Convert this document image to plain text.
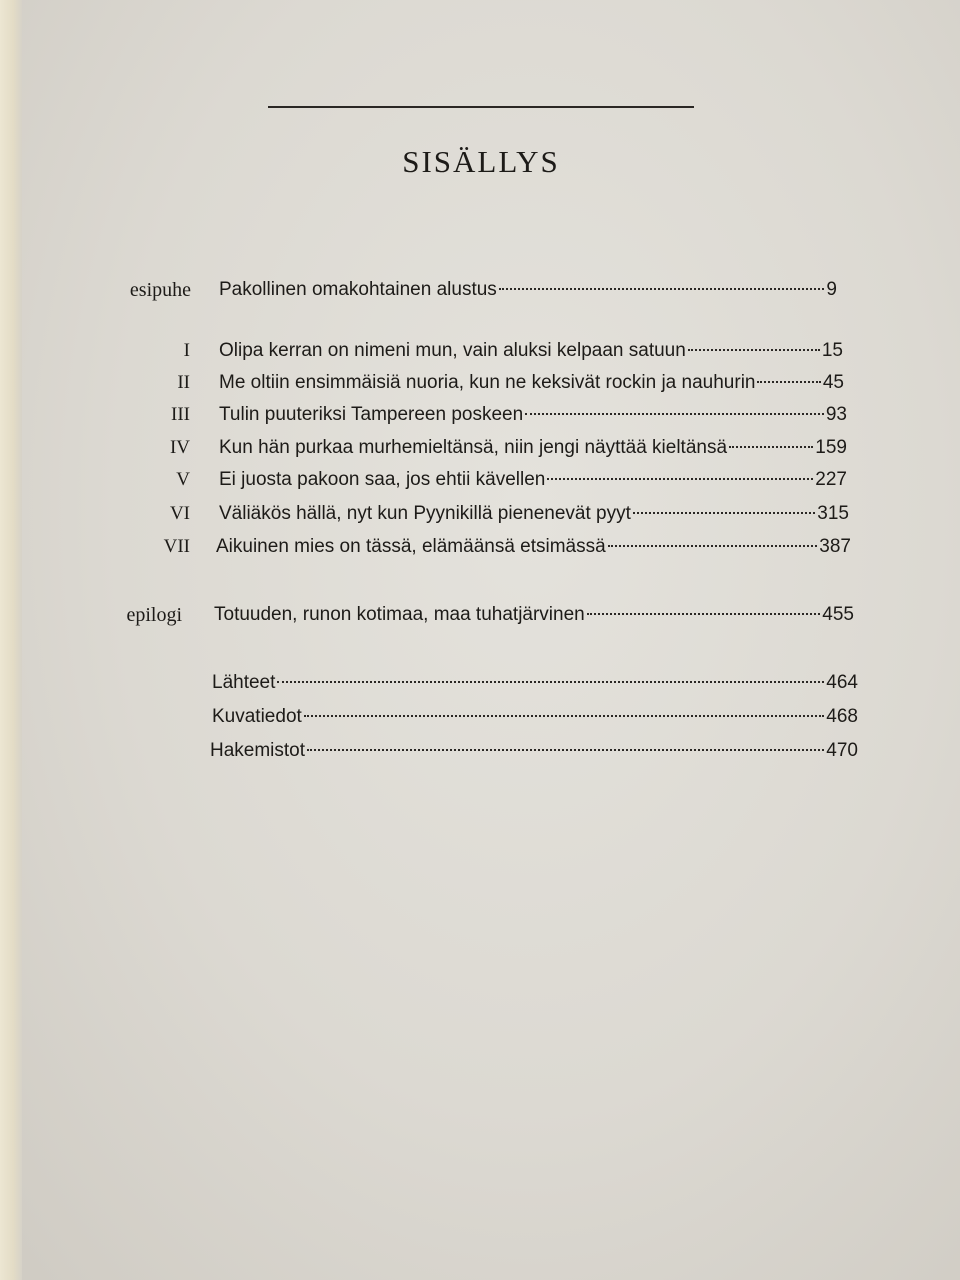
SISÄLLYS
esipuhe Pakollinen omakohtainen alustus	9
I Olipa kerran on nimeni mun, vain aluksi kelpaan satuun	15
II Me oltiin ensimmäisiä nuoria, kun ne keksivät rockin ja nauhurin	45
III Tulin puuteriksi Tampereen poskeen	93
IV Kun hän purkaa murhemieltänsä, niin jengi näyttää kieltänsä	159
V Ei juosta pakoon saa, jos ehtii kävellen	227
VI Väliäkös hällä, nyt kun Pyynikillä pienenevät pyyt	315
VII Aikuinen mies on tässä, elämäänsä etsimässä	387
epilogi Totuuden, runon kotimaa, maa tuhatjärvinen	455
Lähteet	464
Kuvatiedot	468
Hakemistot	470
